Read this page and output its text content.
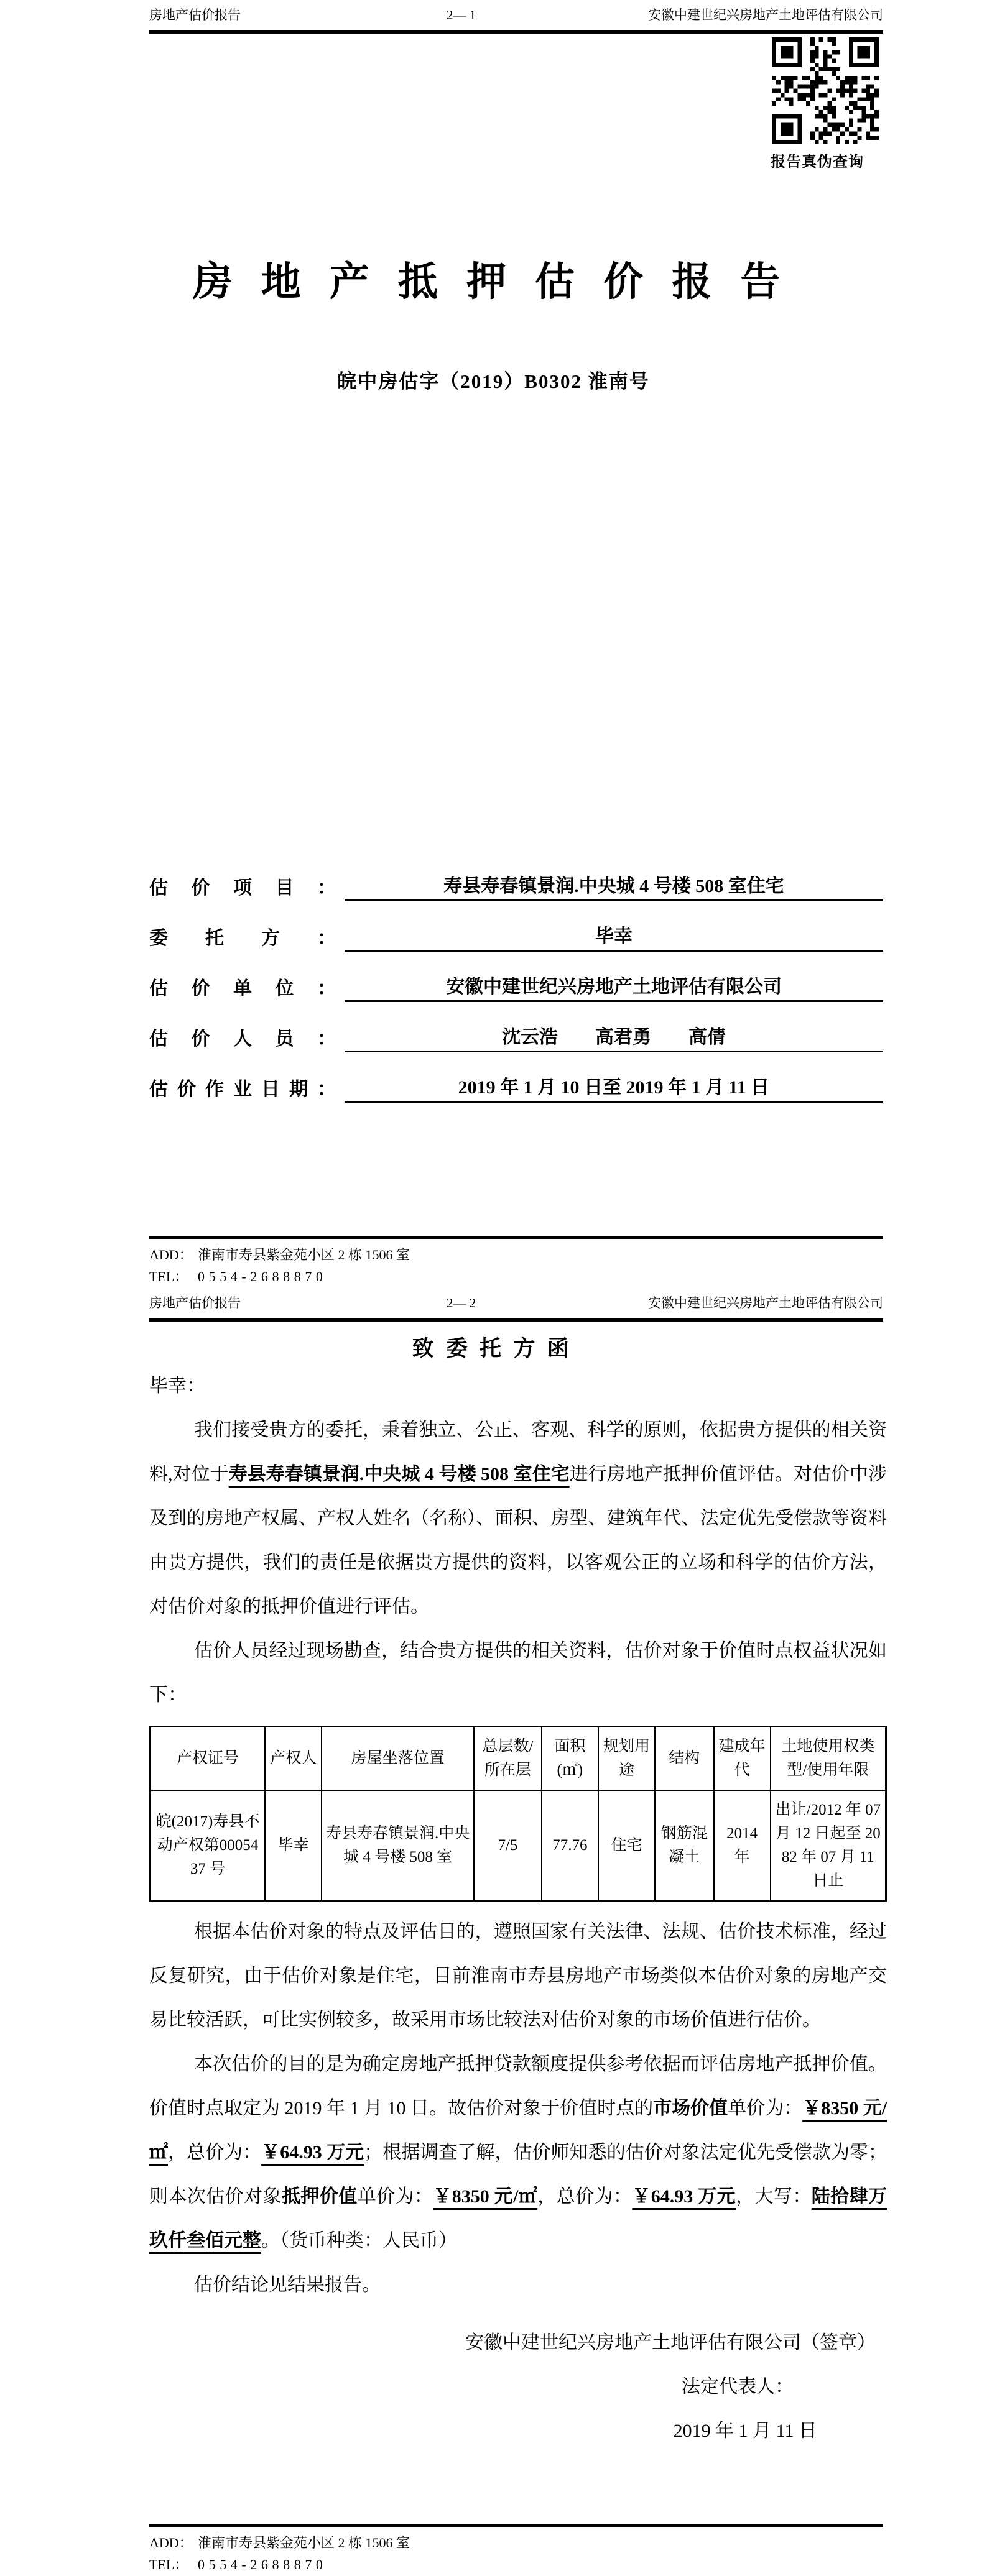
房地产估价报告	2— 1	安徽中建世纪兴房地产土地评估有限公司
报告真伪查询
房地产抵押估价报告
皖中房估字（2019）B0302 淮南号
估价项目：	寿县寿春镇景润.中央城 4 号楼 508 室住宅
委托方：	毕幸
估价单位：	安徽中建世纪兴房地产土地评估有限公司
估价人员：	沈云浩　　高君勇　　高倩
估价作业日期：	2019 年 1 月 10 日至 2019 年 1 月 11 日
ADD： 淮南市寿县紫金苑小区 2 栋 1506 室
TEL： 0554-2688870
房地产估价报告	2— 2	安徽中建世纪兴房地产土地评估有限公司
致委托方函

毕幸：

我们接受贵方的委托，秉着独立、公正、客观、科学的原则，依据贵方提供的相关资料,对位于寿县寿春镇景润.中央城 4 号楼 508 室住宅进行房地产抵押价值评估。对估价中涉及到的房地产权属、产权人姓名（名称）、面积、房型、建筑年代、法定优先受偿款等资料由贵方提供，我们的责任是依据贵方提供的资料，以客观公正的立场和科学的估价方法，对估价对象的抵押价值进行评估。

估价人员经过现场勘查，结合贵方提供的相关资料，估价对象于价值时点权益状况如下：

产权证号	产权人	房屋坐落位置	总层数/所在层	面积(㎡)	规划用途	结构	建成年代	土地使用权类型/使用年限
皖(2017)寿县不动产权第0005437 号	毕幸	寿县寿春镇景润.中央城 4 号楼 508 室	7/5	77.76	住宅	钢筋混凝土	2014 年	出让/2012 年 07 月 12 日起至 2082 年 07 月 11 日止

根据本估价对象的特点及评估目的，遵照国家有关法律、法规、估价技术标准，经过反复研究，由于估价对象是住宅，目前淮南市寿县房地产市场类似本估价对象的房地产交易比较活跃，可比实例较多，故采用市场比较法对估价对象的市场价值进行估价。

本次估价的目的是为确定房地产抵押贷款额度提供参考依据而评估房地产抵押价值。价值时点取定为 2019 年 1 月 10 日。故估价对象于价值时点的市场价值单价为：￥8350 元/㎡，总价为：￥64.93 万元；根据调查了解，估价师知悉的估价对象法定优先受偿款为零；则本次估价对象抵押价值单价为：￥8350 元/㎡，总价为：￥64.93 万元，大写：陆拾肆万玖仟叁佰元整。（货币种类：人民币）

估价结论见结果报告。

安徽中建世纪兴房地产土地评估有限公司（签章）
法定代表人：
2019 年 1 月 11 日
ADD： 淮南市寿县紫金苑小区 2 栋 1506 室
TEL： 0554-2688870
